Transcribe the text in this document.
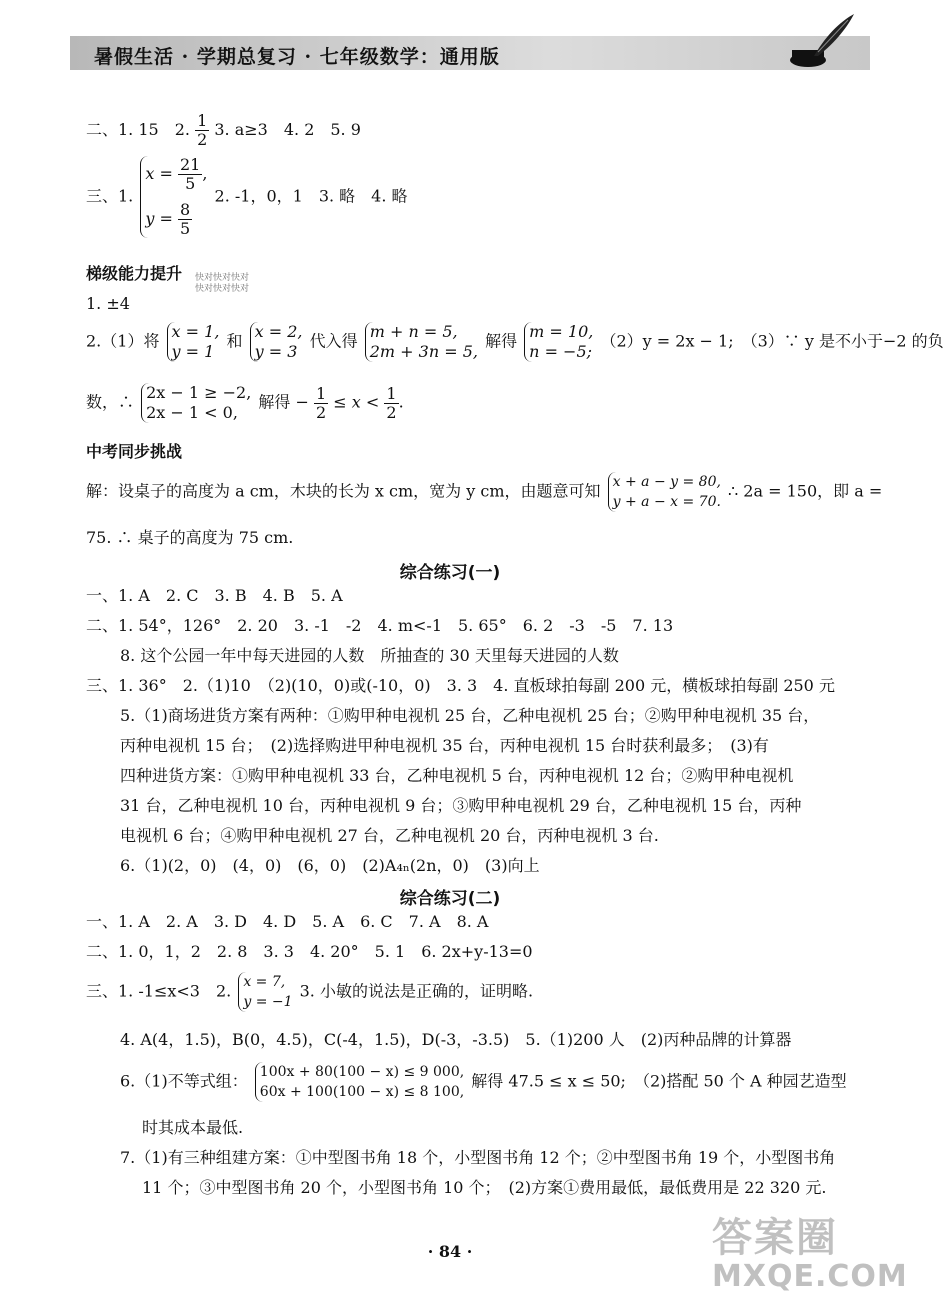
暑假生活 · 学期总复习 · 七年级数学：通用版
二、1. 15　2. $\frac{1}{2} 3$. a≥3　4. 2　5. 9
三、1.
$x = \frac{21}{5}$ ,
$y = \frac{8}{5}$
2. -1，0，1　3. 略　4. 略
梯级能力提升 快对快对快对
快对快对快对
1. ±4
2.（1）将 x = 1,
y = 1
和 x = 2,
y = 3
代入得 m + n = 5,
2m + 3n = 5,
解得 m = 10,
n = −5;
（2）y = 2x − 1;　（3）∵ y 是不小于−2 的负
数，∴ 2x − 1 ≥ −2,
2x − 1 < 0,
解得 − $\frac{1}{2} \le x < \frac{1}{2}$ .
中考同步挑战
解：设桌子的高度为 a cm，木块的长为 x cm，宽为 y cm，由题意可知 x + a − y = 80,
y + a − x = 70.
∴ 2a = 150，即 a =
75. ∴ 桌子的高度为 75 cm.
综合练习(一)
一、1. A　2. C　3. B　4. B　5. A
二、1. 54°，126°　2. 20　3. -1　-2　4. m<-1　5. 65°　6. 2　-3　-5　7. 13
8. 这个公园一年中每天进园的人数　所抽查的 30 天里每天进园的人数
三、1. 36°　2.（1)10　（2)(10，0)或(-10，0)　3. 3　4. 直板球拍每副 200 元，横板球拍每副 250 元
5.（1)商场进货方案有两种：①购甲种电视机 25 台，乙种电视机 25 台；②购甲种电视机 35 台，
丙种电视机 15 台；　(2)选择购进甲种电视机 35 台，丙种电视机 15 台时获利最多；　(3)有
四种进货方案：①购甲种电视机 33 台，乙种电视机 5 台，丙种电视机 12 台；②购甲种电视机
31 台，乙种电视机 10 台，丙种电视机 9 台；③购甲种电视机 29 台，乙种电视机 15 台，丙种
电视机 6 台；④购甲种电视机 27 台，乙种电视机 20 台，丙种电视机 3 台.
6.（1)(2，0)　(4，0)　(6，0)　(2)A₄ₙ(2n，0)　(3)向上
综合练习(二)
一、1. A　2. A　3. D　4. D　5. A　6. C　7. A　8. A
二、1. 0，1，2　2. 8　3. 3　4. 20°　5. 1　6. 2x+y-13=0
三、1. -1≤x<3　2. x = 7,
y = −1
3. 小敏的说法是正确的，证明略.
4. A(4，1.5)，B(0，4.5)，C(-4，1.5)，D(-3，-3.5)　5.（1)200 人　(2)丙种品牌的计算器
6.（1)不等式组： 100x + 80(100 − x) ≤ 9 000,
60x + 100(100 − x) ≤ 8 100,
解得 47.5 ≤ x ≤ 50;　（2)搭配 50 个 A 种园艺造型
时其成本最低.
7.（1)有三种组建方案：①中型图书角 18 个，小型图书角 12 个；②中型图书角 19 个，小型图书角
11 个；③中型图书角 20 个，小型图书角 10 个；　(2)方案①费用最低，最低费用是 22 320 元.
· 84 ·	答案圈
MXQE.COM
